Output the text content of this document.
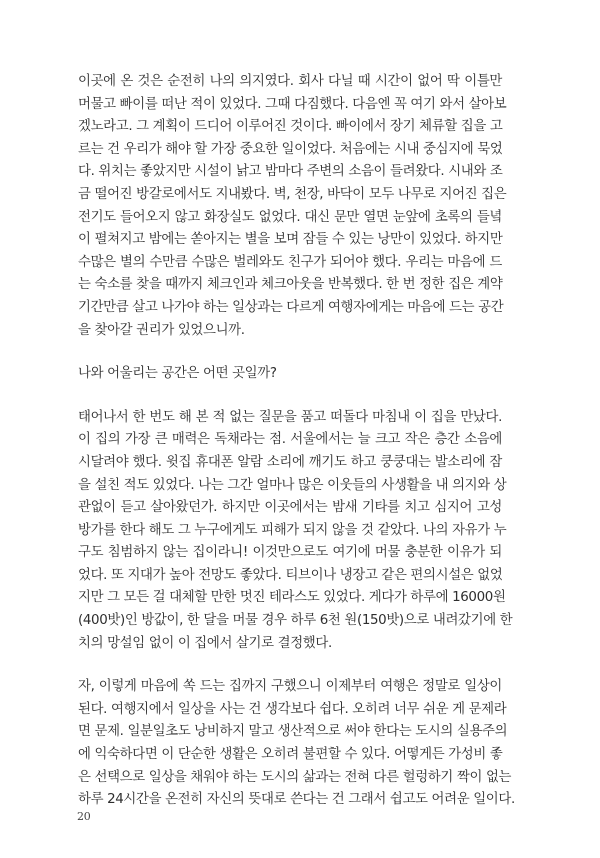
이곳에 온 것은 순전히 나의 의지였다. 회사 다닐 때 시간이 없어 딱 이틀만
머물고 빠이를 떠난 적이 있었다. 그때 다짐했다. 다음엔 꼭 여기 와서 살아보
겠노라고. 그 계획이 드디어 이루어진 것이다. 빠이에서 장기 체류할 집을 고
르는 건 우리가 해야 할 가장 중요한 일이었다. 처음에는 시내 중심지에 묵었
다. 위치는 좋았지만 시설이 낡고 밤마다 주변의 소음이 들려왔다. 시내와 조
금 떨어진 방갈로에서도 지내봤다. 벽, 천장, 바닥이 모두 나무로 지어진 집은
전기도 들어오지 않고 화장실도 없었다. 대신 문만 열면 눈앞에 초록의 들녘
이 펼쳐지고 밤에는 쏟아지는 별을 보며 잠들 수 있는 낭만이 있었다. 하지만
수많은 별의 수만큼 수많은 벌레와도 친구가 되어야 했다. 우리는 마음에 드
는 숙소를 찾을 때까지 체크인과 체크아웃을 반복했다. 한 번 정한 집은 계약
기간만큼 살고 나가야 하는 일상과는 다르게 여행자에게는 마음에 드는 공간
을 찾아갈 권리가 있었으니까.

나와 어울리는 공간은 어떤 곳일까?

태어나서 한 번도 해 본 적 없는 질문을 품고 떠돌다 마침내 이 집을 만났다.
이 집의 가장 큰 매력은 독채라는 점. 서울에서는 늘 크고 작은 층간 소음에
시달려야 했다. 윗집 휴대폰 알람 소리에 깨기도 하고 쿵쿵대는 발소리에 잠
을 설친 적도 있었다. 나는 그간 얼마나 많은 이웃들의 사생활을 내 의지와 상
관없이 듣고 살아왔던가. 하지만 이곳에서는 밤새 기타를 치고 심지어 고성
방가를 한다 해도 그 누구에게도 피해가 되지 않을 것 같았다. 나의 자유가 누
구도 침범하지 않는 집이라니! 이것만으로도 여기에 머물 충분한 이유가 되
었다. 또 지대가 높아 전망도 좋았다. 티브이나 냉장고 같은 편의시설은 없었
지만 그 모든 걸 대체할 만한 멋진 테라스도 있었다. 게다가 하루에 16000원
(400밧)인 방값이, 한 달을 머물 경우 하루 6천 원(150밧)으로 내려갔기에 한
치의 망설임 없이 이 집에서 살기로 결정했다.

자, 이렇게 마음에 쏙 드는 집까지 구했으니 이제부터 여행은 정말로 일상이
된다. 여행지에서 일상을 사는 건 생각보다 쉽다. 오히려 너무 쉬운 게 문제라
면 문제. 일분일초도 낭비하지 말고 생산적으로 써야 한다는 도시의 실용주의
에 익숙하다면 이 단순한 생활은 오히려 불편할 수 있다. 어떻게든 가성비 좋
은 선택으로 일상을 채워야 하는 도시의 삶과는 전혀 다른 헐렁하기 짝이 없는
하루 24시간을 온전히 자신의 뜻대로 쓴다는 건 그래서 쉽고도 어려운 일이다.

20
